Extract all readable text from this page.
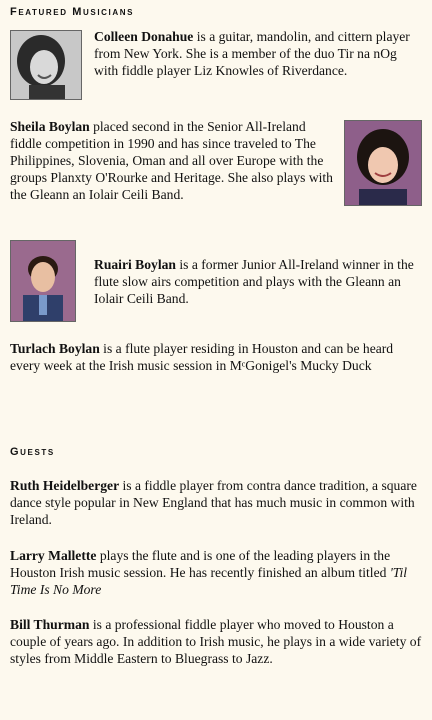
Featured Musicians
Colleen Donahue is a guitar, mandolin, and cittern player from New York. She is a member of the duo Tir na nOg with fiddle player Liz Knowles of Riverdance.
Sheila Boylan placed second in the Senior All-Ireland fiddle competition in 1990 and has since traveled to The Philippines, Slovenia, Oman and all over Europe with the groups Planxty O'Rourke and Heritage. She also plays with the Gleann an Iolair Ceili Band.
Ruairi Boylan is a former Junior All-Ireland winner in the flute slow airs competition and plays with the Gleann an Iolair Ceili Band.
Turlach Boylan is a flute player residing in Houston and can be heard every week at the Irish music session in MᶜGonigel's Mucky Duck
Guests
Ruth Heidelberger is a fiddle player from contra dance tradition, a square dance style popular in New England that has much music in common with Ireland.
Larry Mallette plays the flute and is one of the leading players in the Houston Irish music session. He has recently finished an album titled 'Til Time Is No More
Bill Thurman is a professional fiddle player who moved to Houston a couple of years ago. In addition to Irish music, he plays in a wide variety of styles from Middle Eastern to Bluegrass to Jazz.
